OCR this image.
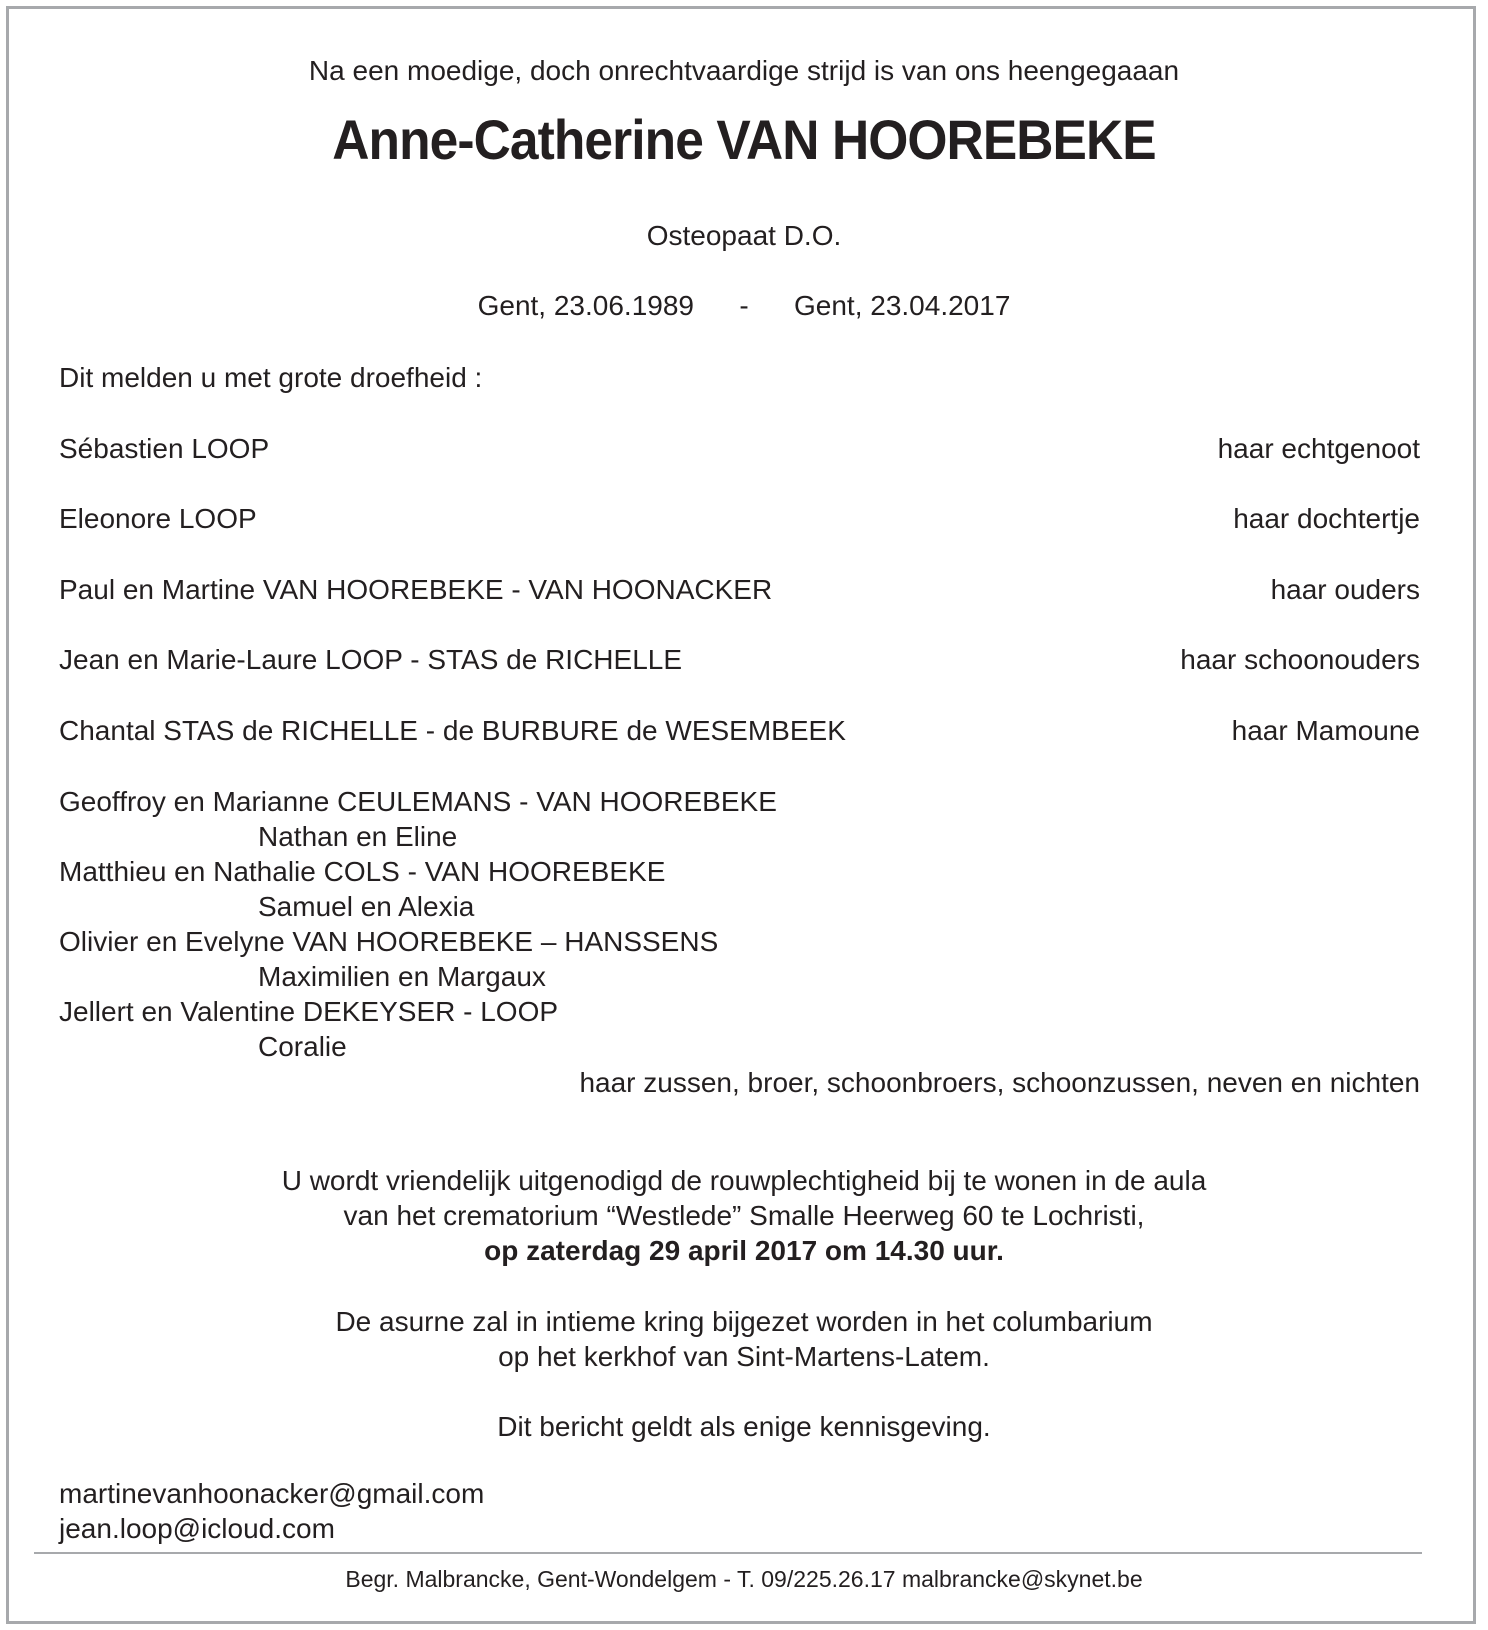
Na een moedige, doch onrechtvaardige strijd is van ons heengegaaan
Anne-Catherine VAN HOOREBEKE
Osteopaat D.O.
Gent, 23.06.1989 - Gent, 23.04.2017
Dit melden u met grote droefheid :
Sébastien LOOP	haar echtgenoot
Eleonore LOOP	haar dochtertje
Paul en Martine VAN HOOREBEKE - VAN HOONACKER	haar ouders
Jean en Marie-Laure LOOP - STAS de RICHELLE	haar schoonouders
Chantal STAS de RICHELLE - de BURBURE de WESEMBEEK	haar Mamoune
Geoffroy en Marianne CEULEMANS - VAN HOOREBEKE
Nathan en Eline
Matthieu en Nathalie COLS - VAN HOOREBEKE
Samuel en Alexia
Olivier en Evelyne VAN HOOREBEKE – HANSSENS
Maximilien en Margaux
Jellert en Valentine DEKEYSER - LOOP
Coralie
haar zussen, broer, schoonbroers, schoonzussen, neven en nichten
U wordt vriendelijk uitgenodigd de rouwplechtigheid bij te wonen in de aula
van het crematorium “Westlede” Smalle Heerweg 60 te Lochristi,
op zaterdag 29 april 2017 om 14.30 uur.
De asurne zal in intieme kring bijgezet worden in het columbarium
op het kerkhof van Sint-Martens-Latem.
Dit bericht geldt als enige kennisgeving.
martinevanhoonacker@gmail.com
jean.loop@icloud.com
Begr. Malbrancke, Gent-Wondelgem - T. 09/225.26.17 malbrancke@skynet.be
